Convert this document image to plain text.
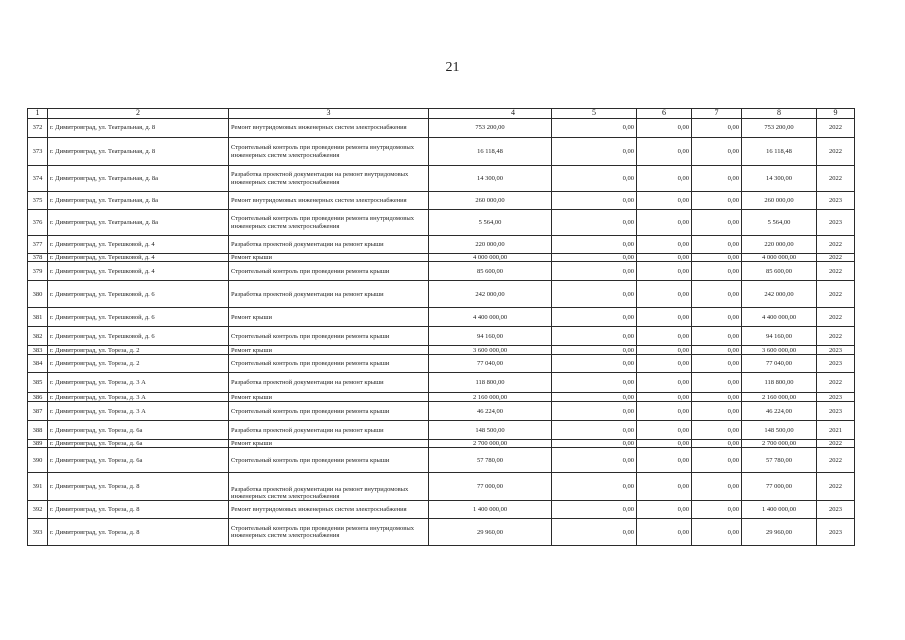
21
1	2	3	4	5	6	7	8	9
372	г. Димитровград, ул. Театральная, д. 8	Ремонт внутридомовых инженерных систем электроснабжения	753 200,00	0,00	0,00	0,00	753 200,00	2022
373	г. Димитровград, ул. Театральная, д. 8	Строительный контроль при проведении ремонта внутридомовых инженерных систем электроснабжения	16 118,48	0,00	0,00	0,00	16 118,48	2022
374	г. Димитровград, ул. Театральная, д. 8а	Разработка проектной документации на ремонт внутридомовых инженерных систем электроснабжения	14 300,00	0,00	0,00	0,00	14 300,00	2022
375	г. Димитровград, ул. Театральная, д. 8а	Ремонт внутридомовых инженерных систем электроснабжения	260 000,00	0,00	0,00	0,00	260 000,00	2023
376	г. Димитровград, ул. Театральная, д. 8а	Строительный контроль при проведении ремонта внутридомовых инженерных систем электроснабжения	5 564,00	0,00	0,00	0,00	5 564,00	2023
377	г. Димитровград, ул. Терешковой, д. 4	Разработка проектной документации на ремонт крыши	220 000,00	0,00	0,00	0,00	220 000,00	2022
378	г. Димитровград, ул. Терешковой, д. 4	Ремонт крыши	4 000 000,00	0,00	0,00	0,00	4 000 000,00	2022
379	г. Димитровград, ул. Терешковой, д. 4	Строительный контроль при проведении ремонта крыши	85 600,00	0,00	0,00	0,00	85 600,00	2022
380	г. Димитровград, ул. Терешковой, д. 6	Разработка проектной документации на ремонт крыши	242 000,00	0,00	0,00	0,00	242 000,00	2022
381	г. Димитровград, ул. Терешковой, д. 6	Ремонт крыши	4 400 000,00	0,00	0,00	0,00	4 400 000,00	2022
382	г. Димитровград, ул. Терешковой, д. 6	Строительный контроль при проведении ремонта крыши	94 160,00	0,00	0,00	0,00	94 160,00	2022
383	г. Димитровград, ул. Тореза, д. 2	Ремонт крыши	3 600 000,00	0,00	0,00	0,00	3 600 000,00	2023
384	г. Димитровград, ул. Тореза, д. 2	Строительный контроль при проведении ремонта крыши	77 040,00	0,00	0,00	0,00	77 040,00	2023
385	г. Димитровград, ул. Тореза, д. 3 А	Разработка проектной документации на ремонт крыши	118 800,00	0,00	0,00	0,00	118 800,00	2022
386	г. Димитровград, ул. Тореза, д. 3 А	Ремонт крыши	2 160 000,00	0,00	0,00	0,00	2 160 000,00	2023
387	г. Димитровград, ул. Тореза, д. 3 А	Строительный контроль при проведении ремонта крыши	46 224,00	0,00	0,00	0,00	46 224,00	2023
388	г. Димитровград, ул. Тореза, д. 6а	Разработка проектной документации на ремонт крыши	148 500,00	0,00	0,00	0,00	148 500,00	2021
389	г. Димитровград, ул. Тореза, д. 6а	Ремонт крыши	2 700 000,00	0,00	0,00	0,00	2 700 000,00	2022
390	г. Димитровград, ул. Тореза, д. 6а	Строительный контроль при проведении ремонта крыши	57 780,00	0,00	0,00	0,00	57 780,00	2022
391	г. Димитровград, ул. Тореза, д. 8	Разработка проектной документации на ремонт внутридомовых инженерных систем электроснабжения	77 000,00	0,00	0,00	0,00	77 000,00	2022
392	г. Димитровград, ул. Тореза, д. 8	Ремонт внутридомовых инженерных систем электроснабжения	1 400 000,00	0,00	0,00	0,00	1 400 000,00	2023
393	г. Димитровград, ул. Тореза, д. 8	Строительный контроль при проведении ремонта внутридомовых инженерных систем электроснабжения	29 960,00	0,00	0,00	0,00	29 960,00	2023
